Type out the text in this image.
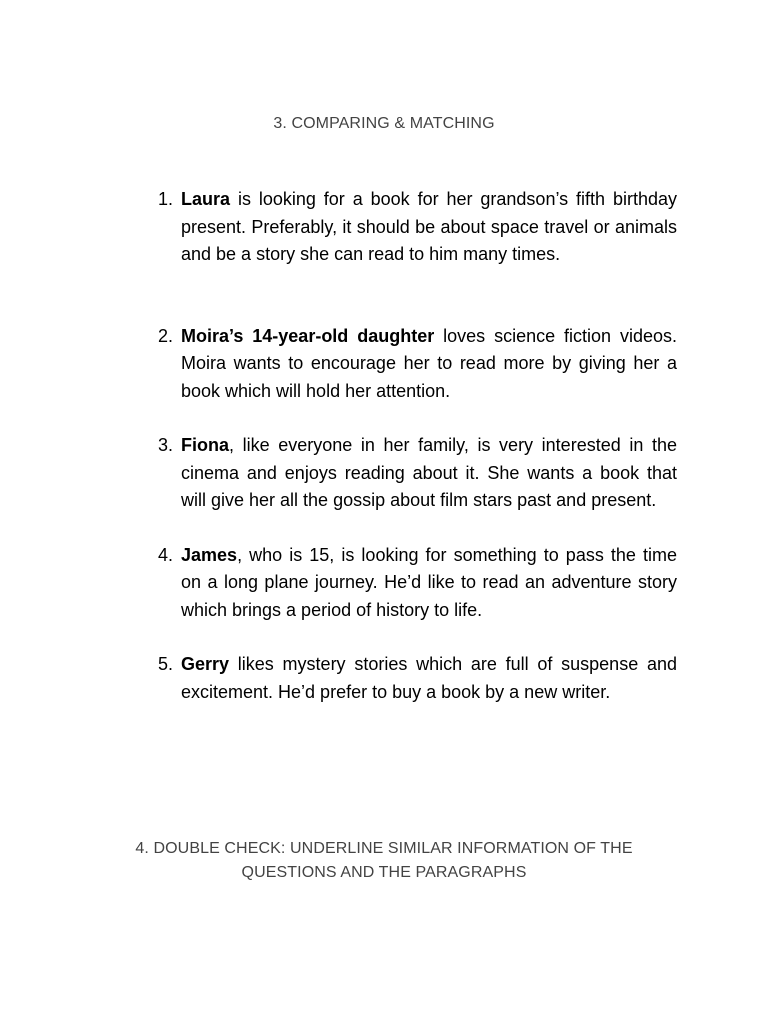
3. COMPARING & MATCHING
1. Laura is looking for a book for her grandson’s fifth birthday present. Preferably, it should be about space travel or animals and be a story she can read to him many times.
2. Moira’s 14-year-old daughter loves science fiction videos. Moira wants to encourage her to read more by giving her a book which will hold her attention.
3. Fiona, like everyone in her family, is very interested in the cinema and enjoys reading about it. She wants a book that will give her all the gossip about film stars past and present.
4. James, who is 15, is looking for something to pass the time on a long plane journey. He’d like to read an adventure story which brings a period of history to life.
5. Gerry likes mystery stories which are full of suspense and excitement. He’d prefer to buy a book by a new writer.
4. DOUBLE CHECK: UNDERLINE SIMILAR INFORMATION OF THE
QUESTIONS AND THE PARAGRAPHS
